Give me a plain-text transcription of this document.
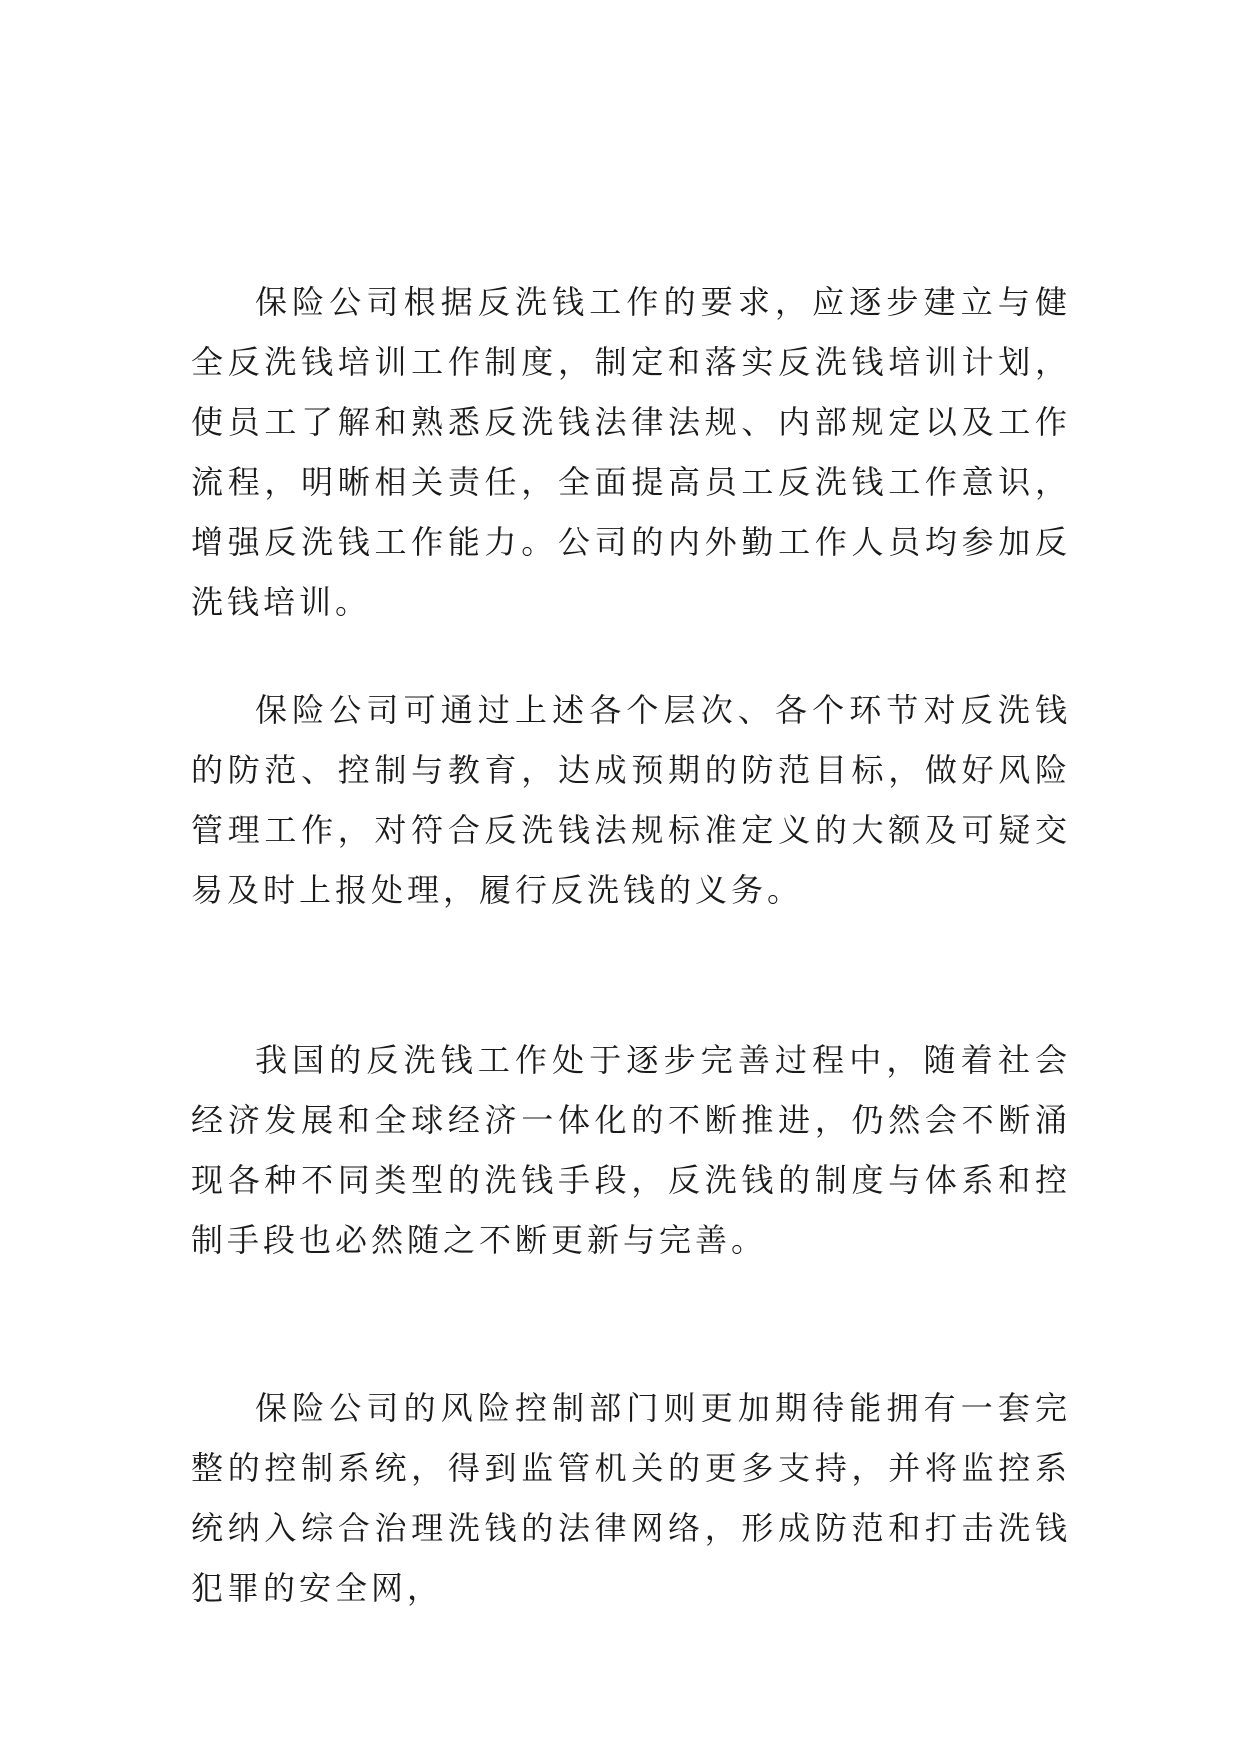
保险公司根据反洗钱工作的要求，应逐步建立与健全反洗钱培训工作制度，制定和落实反洗钱培训计划，使员工了解和熟悉反洗钱法律法规、内部规定以及工作流程，明晰相关责任，全面提高员工反洗钱工作意识，增强反洗钱工作能力。公司的内外勤工作人员均参加反洗钱培训。

保险公司可通过上述各个层次、各个环节对反洗钱的防范、控制与教育，达成预期的防范目标，做好风险管理工作，对符合反洗钱法规标准定义的大额及可疑交易及时上报处理，履行反洗钱的义务。

我国的反洗钱工作处于逐步完善过程中，随着社会经济发展和全球经济一体化的不断推进，仍然会不断涌现各种不同类型的洗钱手段，反洗钱的制度与体系和控制手段也必然随之不断更新与完善。

保险公司的风险控制部门则更加期待能拥有一套完整的控制系统，得到监管机关的更多支持，并将监控系统纳入综合治理洗钱的法律网络，形成防范和打击洗钱犯罪的安全网，
